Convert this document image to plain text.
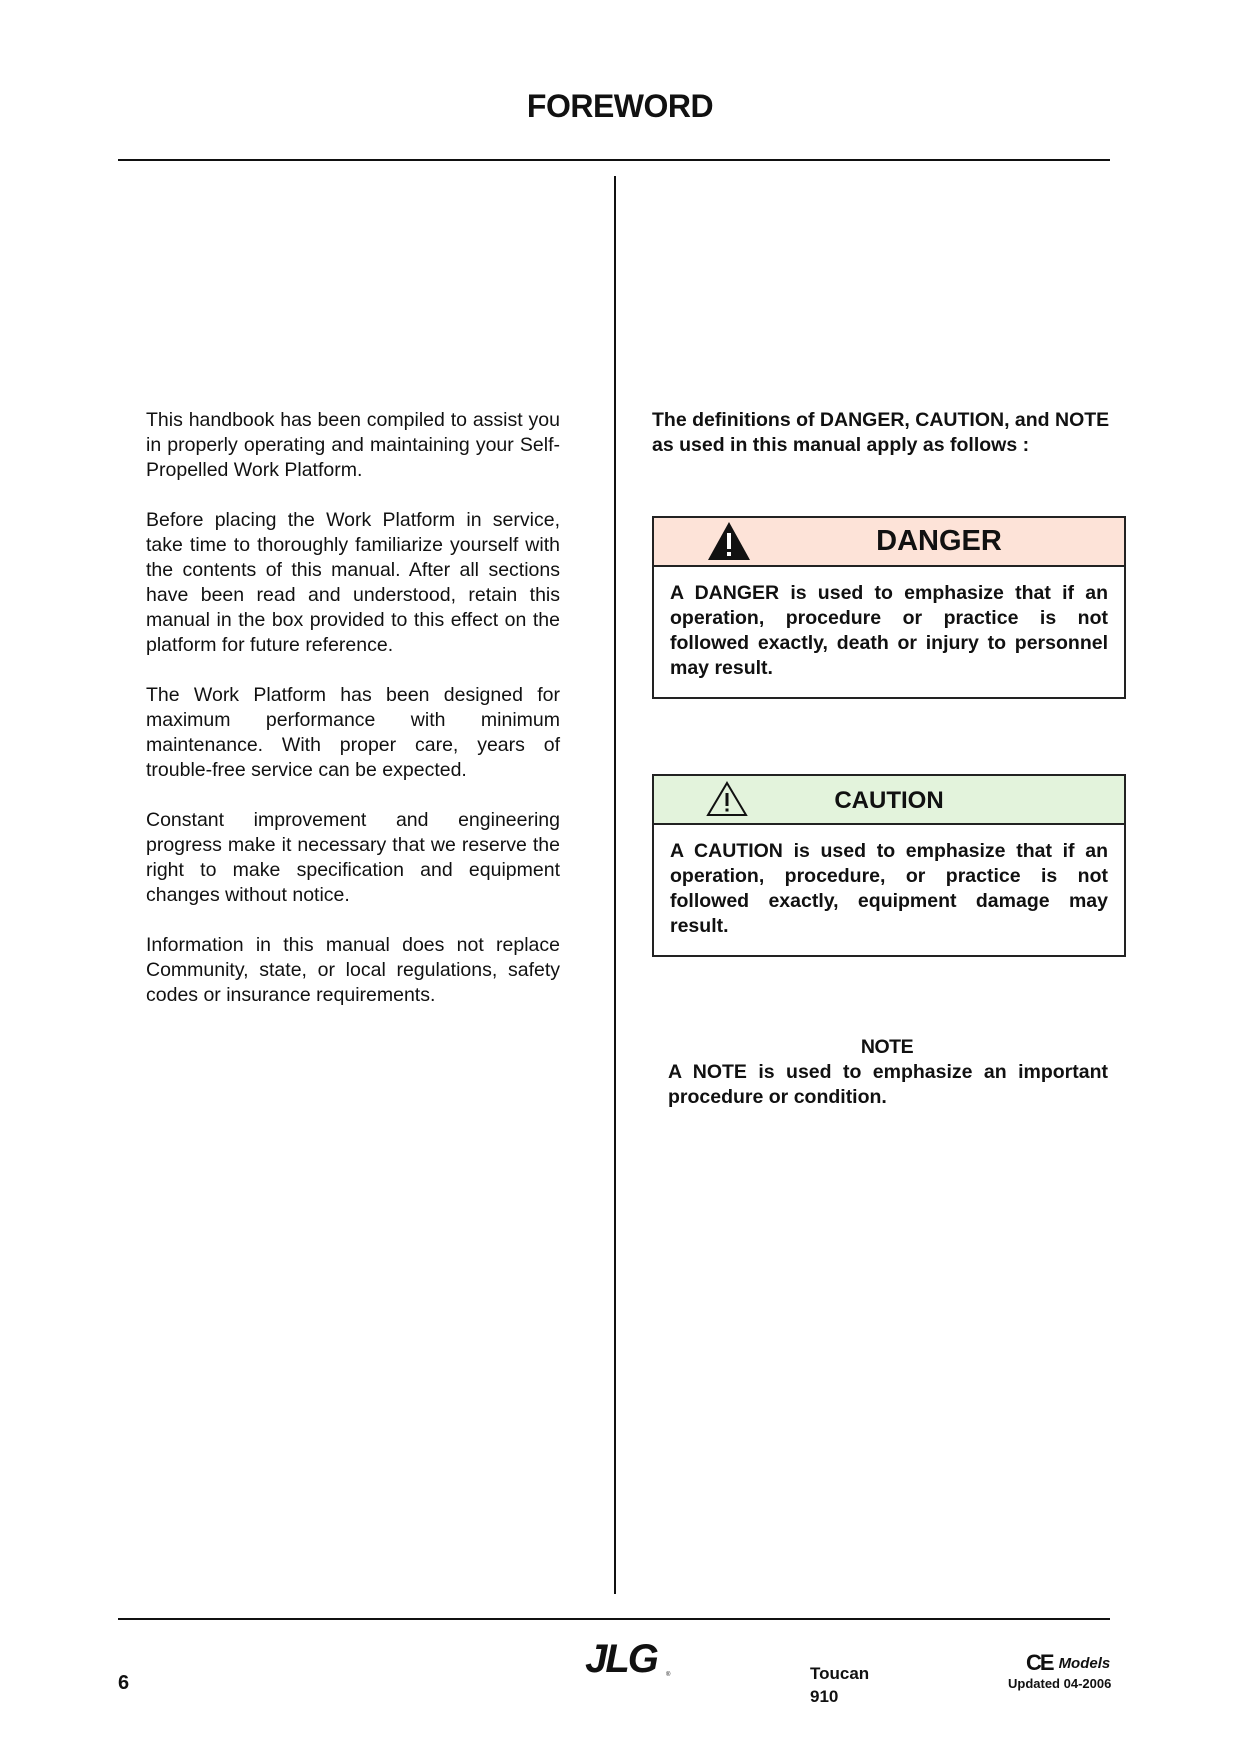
FOREWORD

This handbook has been compiled to assist you in properly operating and maintaining your Self-Propelled Work Platform.

Before placing the Work Platform in service, take time to thoroughly familiarize yourself with the contents of this manual. After all sections have been read and understood, retain this manual in the box provided to this effect on the platform for future reference.

The Work Platform has been designed for maximum performance with minimum maintenance. With proper care, years of trouble-free service can be expected.

Constant improvement and engineering progress make it necessary that we reserve the right to make specification and equipment changes without notice.

Information in this manual does not replace Community, state, or local regulations, safety codes or insurance requirements.

The definitions of DANGER, CAUTION, and NOTE as used in this manual apply as follows :
DANGER
A DANGER is used to emphasize that if an operation, procedure or practice is not followed exactly, death or injury to personnel may result.
CAUTION
A CAUTION is used to emphasize that if an operation, procedure, or practice is not followed exactly, equipment damage may result.
NOTE
A NOTE is used to emphasize an important procedure or condition.
6
JLG ®	Toucan
910
CE Models
Updated 04-2006
